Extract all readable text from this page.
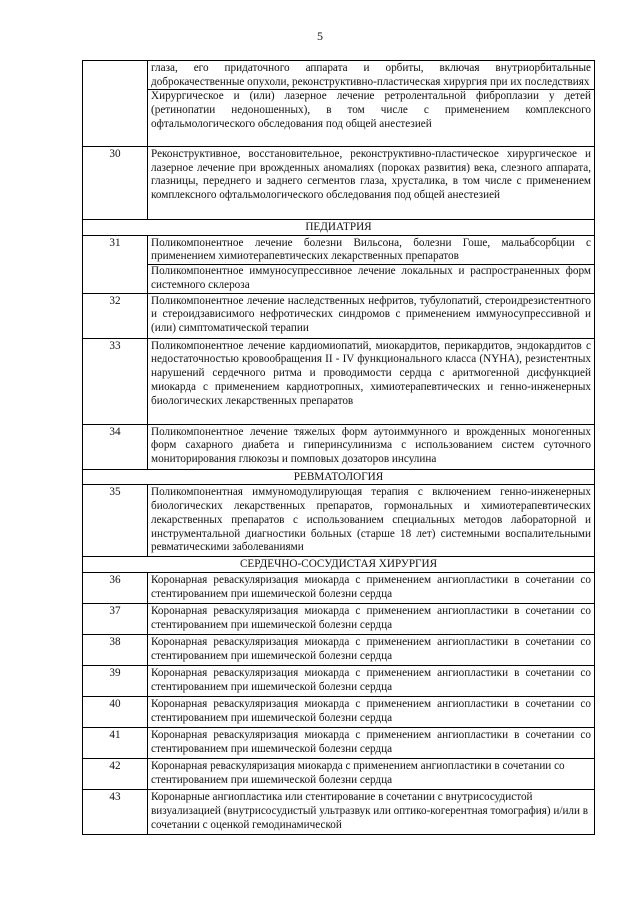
5

	глаза, его придаточного аппарата и орбиты, включая внутриорбитальные доброкачественные опухоли, реконструктивно-пластическая хирургия при их последствиях
Хирургическое и (или) лазерное лечение ретролентальной фиброплазии у детей (ретинопатии недоношенных), в том числе с применением комплексного офтальмологического обследования под общей анестезией

30	Реконструктивное, восстановительное, реконструктивно-пластическое хирургическое и лазерное лечение при врожденных аномалиях (пороках развития) века, слезного аппарата, глазницы, переднего и заднего сегментов глаза, хрусталика, в том числе с применением комплексного офтальмологического обследования под общей анестезией
ПЕДИАТРИЯ	
31	Поликомпонентное лечение болезни Вильсона, болезни Гоше, мальабсорбции с применением химиотерапевтических лекарственных препаратов
Поликомпонентное иммуносупрессивное лечение локальных и распространенных форм системного склероза

32	Поликомпонентное лечение наследственных нефритов, тубулопатий, стероидрезистентного и стероидзависимого нефротических синдромов с применением иммуносупрессивной и (или) симптоматической терапии
33	Поликомпонентное лечение кардиомиопатий, миокардитов, перикардитов, эндокардитов с недостаточностью кровообращения II - IV функционального класса (NYHA), резистентных нарушений сердечного ритма и проводимости сердца с аритмогенной дисфункцией миокарда с применением кардиотропных, химиотерапевтических и генно-инженерных биологических лекарственных препаратов
34	Поликомпонентное лечение тяжелых форм аутоиммунного и врожденных моногенных форм сахарного диабета и гиперинсулинизма с использованием систем суточного мониторирования глюкозы и помповых дозаторов инсулина
РЕВМАТОЛОГИЯ	
35	Поликомпонентная иммуномодулирующая терапия с включением генно-инженерных биологических лекарственных препаратов, гормональных и химиотерапевтических лекарственных препаратов с использованием специальных методов лабораторной и инструментальной диагностики больных (старше 18 лет) системными воспалительными ревматическими заболеваниями
СЕРДЕЧНО-СОСУДИСТАЯ ХИРУРГИЯ	
36	Коронарная реваскуляризация миокарда с применением ангиопластики в сочетании со стентированием при ишемической болезни сердца
37	Коронарная реваскуляризация миокарда с применением ангиопластики в сочетании со стентированием при ишемической болезни сердца
38	Коронарная реваскуляризация миокарда с применением ангиопластики в сочетании со стентированием при ишемической болезни сердца
39	Коронарная реваскуляризация миокарда с применением ангиопластики в сочетании со стентированием при ишемической болезни сердца
40	Коронарная реваскуляризация миокарда с применением ангиопластики в сочетании со стентированием при ишемической болезни сердца
41	Коронарная реваскуляризация миокарда с применением ангиопластики в сочетании со стентированием при ишемической болезни сердца
42	Коронарная реваскуляризация миокарда с применением ангиопластики в сочетании со стентированием при ишемической болезни сердца
43	Коронарные ангиопластика или стентирование в сочетании с внутрисосудистой визуализацией (внутрисосудистый ультразвук или оптико-когерентная томография) и/или в сочетании с оценкой гемодинамической
